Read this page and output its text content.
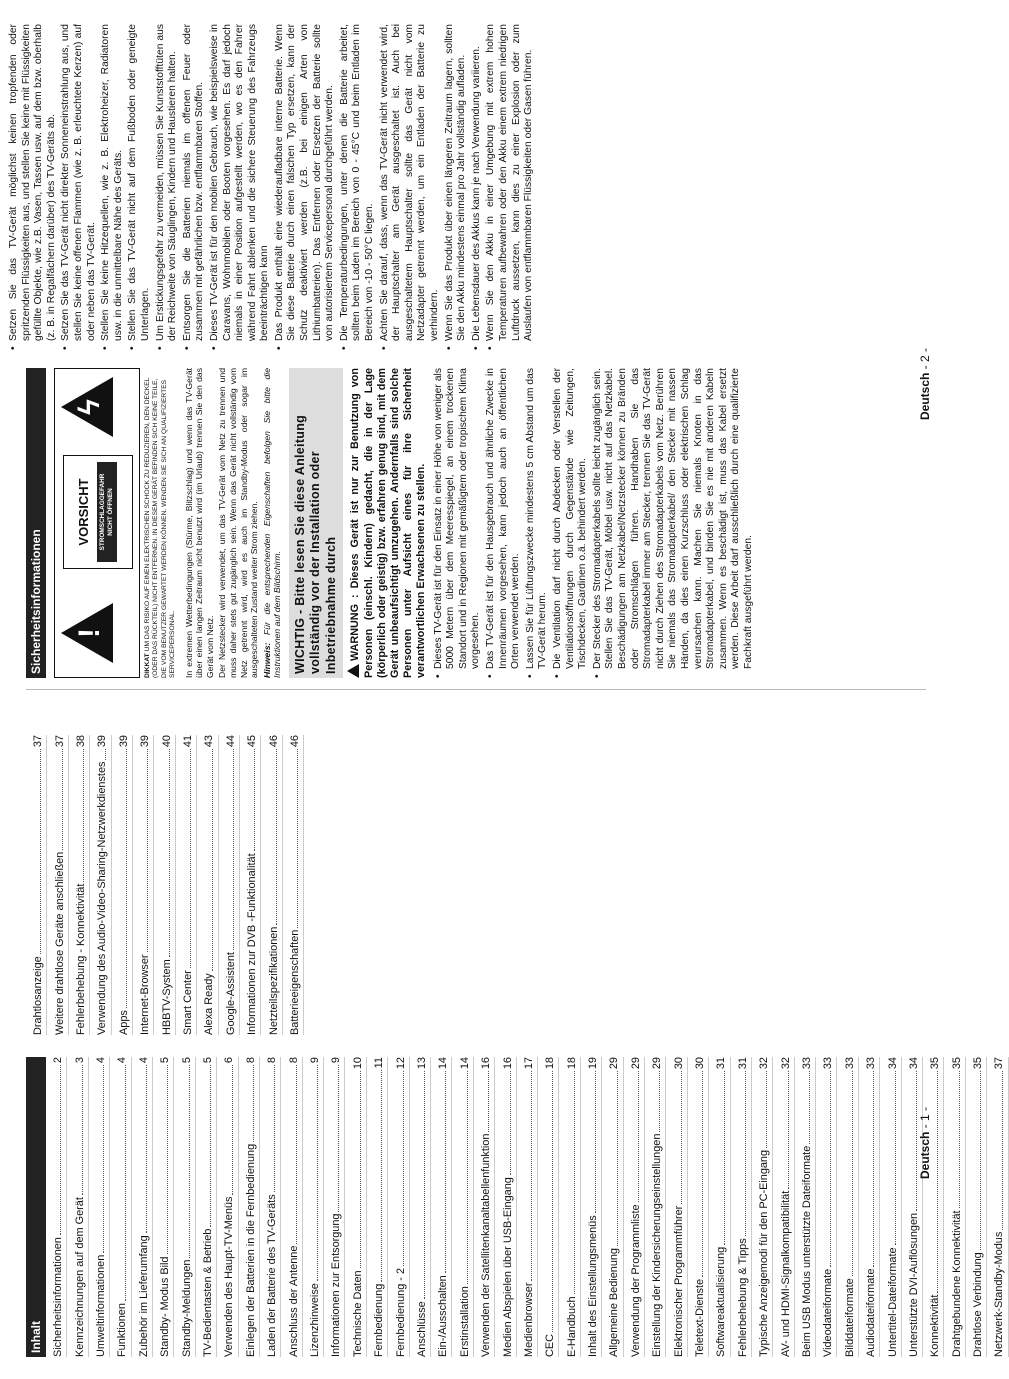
Inhalt Sicherheitsinformationen
2
Kennzeichnungen auf dem Gerät
3
Umweltinformationen
4
Funktionen
4
Zubehör im Lieferumfang
4
Standby- Modus Bild
5
Standby-Meldungen
5
TV-Bedientasten & Betrieb
5
Verwenden des Haupt-TV-Menüs
6
Einlegen der Batterien in die Fernbedienung
8
Laden der Batterie des TV-Geräts
8
Anschluss der Antenne
8
Lizenzhinweise
9
Informationen zur Entsorgung
9
Technische Daten
10
Fernbedienung
11
Fernbedienung - 2
12
Anschlüsse
13
Ein-/Ausschalten
14
Erstinstallation
14
Verwenden der Satellitenkanaltabellenfunktion
16
Medien Abspielen über USB-Eingang
16
Medienbrowser
17
CEC
18
E-Handbuch
18
Inhalt des Einstellungsmenüs
19
Allgemeine Bedienung
29
Verwendung der Programmliste
29
Einstellung der Kindersicherungseinstellungen
29
Elektronischer Programmführer
30
Teletext-Dienste
30
Softwareaktualisierung
31
Fehlerbehebung & Tipps
31
Typische Anzeigemodi für den PC-Eingang
32
AV- und HDMI-Signalkompatibilität
32
Beim USB Modus unterstützte Dateiformate
33
Videodateiformate
33
Bilddateiformate
33
Audiodateiformate
33
Untertitel-Dateiformate
34
Unterstützte DVI-Auflösungen
34
Konnektivität
35
Drahtgebundene Konnektivität
35
Drahtlose Verbindung
35
Netzwerk-Standby-Modus
37
Drahtlosanzeige
37
Weitere drahtlose Geräte anschließen
37
Fehlerbehebung - Konnektivität
38
Verwendung des Audio-Video-Sharing-Netzwerkdienstes
39
Apps
39
Internet-Browser
39
HBBTV-System
40
Smart Center
41
Alexa Ready
43
Google-Assistent
44
Informationen zur DVB -Funktionalität
45
Netzteilspezifikationen
46
Batterieeigenschaften
46
Deutsch - 1 -
Sicherheitsinformationen !
VORSICHT	STROMSCHLAGGEFAHR NICHT ÖFFNEN
ϟ
DIKKAT UM DAS RISIKO AUF EINEN ELEKTRISCHEN SCHOCK ZU REDUZIEREN, DEN DECKEL (ODER DAS RÜCKTEIL) NICHT ENTFERNEN. IN DIESEM GERÄT BEFINDEN SICH KEINE TEILE, DIE VOM BENUTZER GEWARTET WERDEN KÖNNEN. WENDEN SIE SICH AN QUALIFIZIERTES SERVICEPERSONAL. In extremen Wetterbedingungen (Stürme, Blitzschlag) und wenn das TV-Gerät über einen langen Zeitraum nicht benutzt wird (im Urlaub) trennen Sie den das Gerät vom Netz. Der Netzstecker wird verwendet, um das TV-Gerät vom Netz zu trennen und muss daher stets gut zugänglich sein. Wenn das Gerät nicht vollständig vom Netz getrennt wird, wird es auch im Standby-Modus oder sogar im ausgeschalteten Zustand weiter Strom ziehen. Hinweis: Für die entsprechenden Eigenschaften befolgen Sie bitte die Instruktionen auf dem Bildschirm. WICHTIG - Bitte lesen Sie diese Anleitung vollständig vor der Installation oder Inbetriebnahme durch	WARNUNG : Dieses Gerät ist nur zur Benutzung von Personen (einschl. Kindern) gedacht, die in der Lage (körperlich oder geistig) bzw. erfahren genug sind, mit dem Gerät unbeaufsichtigt umzugehen. Andernfalls sind solche Personen unter Aufsicht eines für ihre Sicherheit verantwortlichen Erwachsenen zu stellen. • Dieses TV-Gerät ist für den Einsatz in einer Höhe von weniger als 5000 Metern über dem Meeresspiegel, an einem trockenen Standort und in Regionen mit gemäßigtem oder tropischem Klima vorgesehen. • Das TV-Gerät ist für den Hausgebrauch und ähnliche Zwecke in Innenräumen vorgesehen, kann jedoch auch an öffentlichen Orten verwendet werden. • Lassen Sie für Lüftungszwecke mindestens 5 cm Abstand um das TV-Gerät herum. • Die Ventilation darf nicht durch Abdecken oder Verstellen der Ventilationsöffnungen durch Gegenstände wie Zeitungen, Tischdecken, Gardinen o.ä. behindert werden. • Der Stecker des Stromadapterkabels sollte leicht zugänglich sein. Stellen Sie das TV-Gerät, Möbel usw. nicht auf das Netzkabel. Beschädigungen am Netzkabel/Netzstecker können zu Bränden oder Stromschlägen führen. Handhaben Sie das Stromadapterkabel immer am Stecker, trennen Sie das TV-Gerät nicht durch Ziehen des Stromadapterkabels vom Netz. Berühren Sie niemals das Stromadapterkabel/ den Stecker mit nassen Händen, da dies einen Kurzschluss oder elektrischen Schlag verursachen kann. Machen Sie niemals Knoten in das Stromadapterkabel, und binden Sie es nie mit anderen Kabeln zusammen. Wenn es beschädigt ist, muss das Kabel ersetzt werden. Diese Arbeit darf ausschließlich durch eine qualifizierte Fachkraft ausgeführt werden.
• Setzen Sie das TV-Gerät möglichst keinen tropfenden oder spritzenden Flüssigkeiten aus, und stellen Sie keine mit Flüssigkeiten gefüllte Objekte, wie z.B. Vasen, Tassen usw. auf dem bzw. oberhalb (z. B. in Regalfächern darüber) des TV-Geräts ab. • Setzen Sie das TV-Gerät nicht direkter Sonneneinstrahlung aus, und stellen Sie keine offenen Flammen (wie z. B. erleuchtete Kerzen) auf oder neben das TV-Gerät. • Stellen Sie keine Hitzequellen, wie z. B. Elektroheizer, Radiatoren usw. in die unmittelbare Nähe des Geräts. • Stellen Sie das TV-Gerät nicht auf dem Fußboden oder geneigte Unterlagen. • Um Erstickungsgefahr zu vermeiden, müssen Sie Kunststofftüten aus der Reichweite von Säuglingen, Kindern und Haustieren halten. • Entsorgen Sie die Batterien niemals im offenen Feuer oder zusammen mit gefährlichen bzw. entflammbaren Stoffen. • Dieses TV-Gerät ist für den mobilen Gebrauch, wie beispielsweise in Caravans, Wohnmobilen oder Booten vorgesehen. Es darf jedoch niemals in einer Position aufgestellt werden, wo es den Fahrer während Fahrt ablenken und die sichere Steuerung des Fahrzeugs beeinträchtigen kann • Das Produkt enthält eine wiederaufladbare interne Batterie. Wenn Sie diese Batterie durch einen falschen Typ ersetzen, kann der Schutz deaktiviert werden (z.B. bei einigen Arten von Lithiumbatterien). Das Entfernen oder Ersetzen der Batterie sollte von autorisiertem Servicepersonal durchgeführt werden. • Die Temperaturbedingungen, unter denen die Batterie arbeitet, sollten beim Laden im Bereich von 0 - 45°C und beim Entladen im Bereich von -10 - 50°C liegen. • Achten Sie darauf, dass, wenn das TV-Gerät nicht verwendet wird, der Hauptschalter am Gerät ausgeschaltet ist. Auch bei ausgeschaltetem Hauptschalter sollte das Gerät nicht vom Netzadapter getrennt werden, um ein Entladen der Batterie zu verhindern. • Wenn Sie das Produkt über einen längeren Zeitraum lagern, sollten Sie den Akku mindestens einmal pro Jahr vollständig aufladen. • Die Lebensdauer des Akkus kann je nach Verwendung variieren. • Wenn Sie den Akku in einer Umgebung mit extrem hohen Temperaturen aufbewahren oder den Akku einem extrem niedrigen Luftdruck aussetzen, kann dies zu einer Explosion oder zum Auslaufen von entflammbaren Flüssigkeiten oder Gasen führen.
Deutsch - 2 -
